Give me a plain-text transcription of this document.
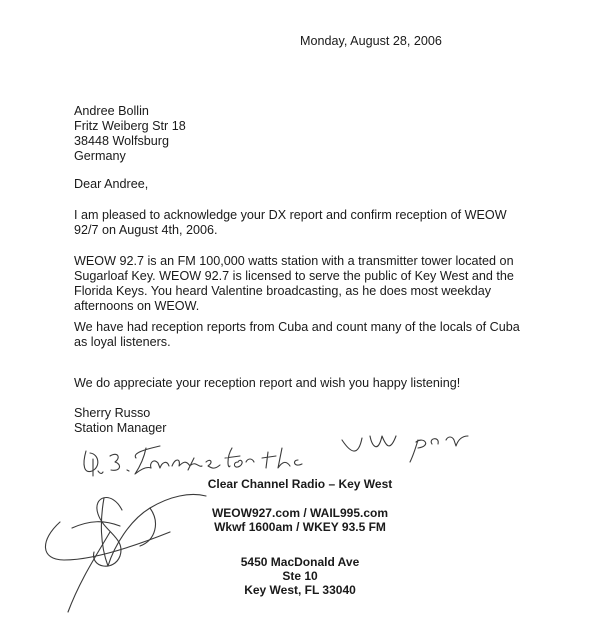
Monday, August 28, 2006
Andree Bollin
Fritz Weiberg Str 18
38448 Wolfsburg
Germany
Dear Andree,
I am pleased to acknowledge your DX report and confirm reception of WEOW
92/7 on August 4th, 2006.
WEOW 92.7 is an FM 100,000 watts station with a transmitter tower located on
Sugarloaf Key. WEOW 92.7 is licensed to serve the public of Key West and the
Florida Keys. You heard Valentine broadcasting, as he does most weekday
afternoons on WEOW.
We have had reception reports from Cuba and count many of the locals of Cuba
as loyal listeners.
We do appreciate your reception report and wish you happy listening!
Sherry Russo
Station Manager
Clear Channel Radio – Key West
WEOW927.com / WAIL995.com
Wkwf 1600am / WKEY 93.5 FM
5450 MacDonald Ave
Ste 10
Key West, FL 33040
